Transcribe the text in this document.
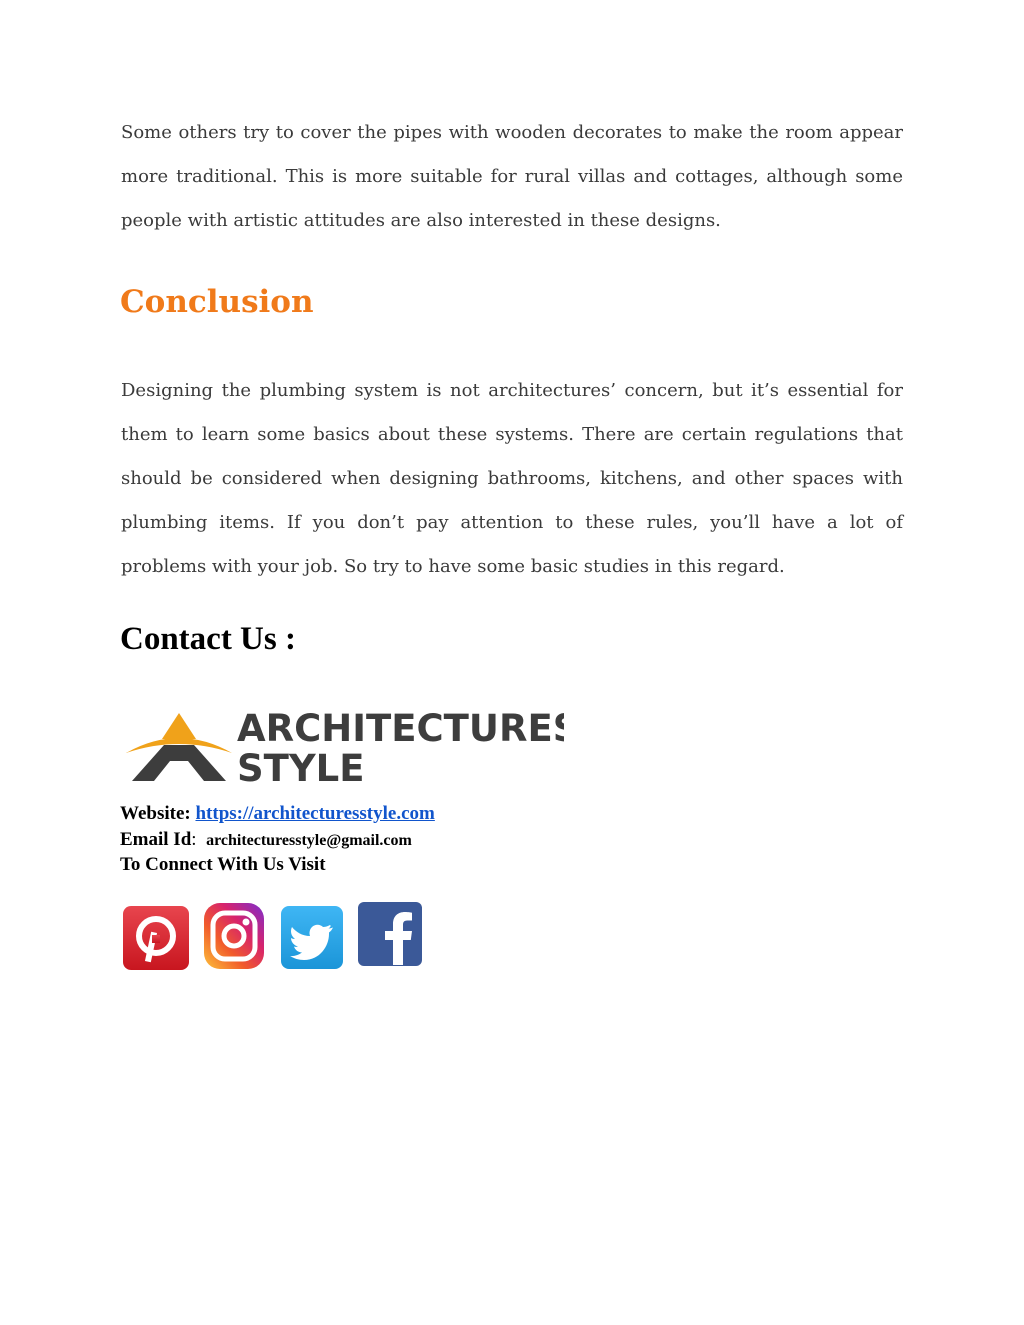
Some others try to cover the pipes with wooden decorates to make the room appear more traditional. This is more suitable for rural villas and cottages, although some people with artistic attitudes are also interested in these designs.

Conclusion

Designing the plumbing system is not architectures’ concern, but it’s essential for them to learn some basics about these systems. There are certain regulations that should be considered when designing bathrooms, kitchens, and other spaces with plumbing items. If you don’t pay attention to these rules, you’ll have a lot of problems with your job. So try to have some basic studies in this regard.

Contact Us :
ARCHITECTURES
STYLE

Website: https://architecturesstyle.com

Email Id: architecturesstyle@gmail.com

To Connect With Us Visit
